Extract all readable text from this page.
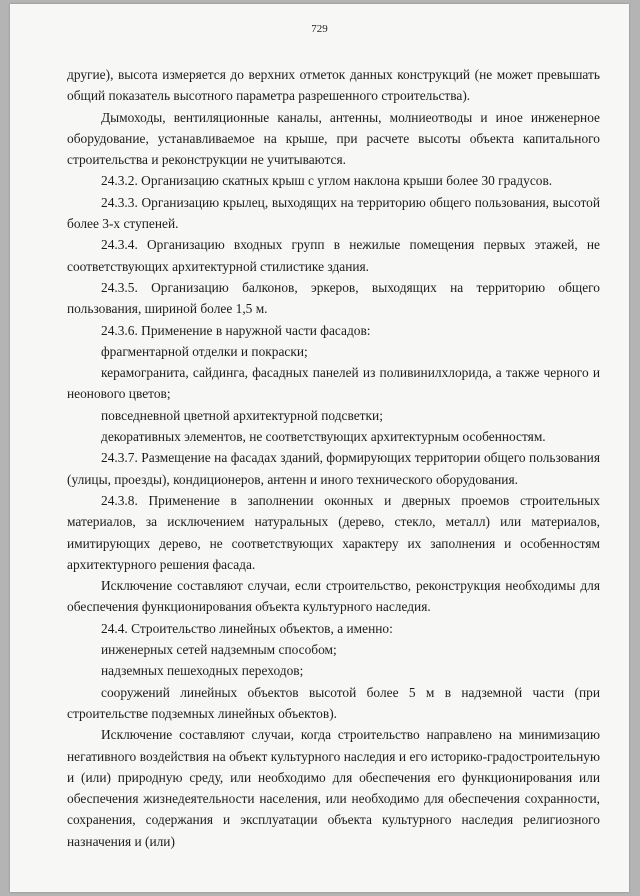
729

другие), высота измеряется до верхних отметок данных конструкций (не может превышать общий показатель высотного параметра разрешенного строительства).

Дымоходы, вентиляционные каналы, антенны, молниеотводы и иное инженерное оборудование, устанавливаемое на крыше, при расчете высоты объекта капитального строительства и реконструкции не учитываются.

24.3.2. Организацию скатных крыш с углом наклона крыши более 30 градусов.

24.3.3. Организацию крылец, выходящих на территорию общего пользования, высотой более 3-х ступеней.

24.3.4. Организацию входных групп в нежилые помещения первых этажей, не соответствующих архитектурной стилистике здания.

24.3.5. Организацию балконов, эркеров, выходящих на территорию общего пользования, шириной более 1,5 м.

24.3.6. Применение в наружной части фасадов:

фрагментарной отделки и покраски;

керамогранита, сайдинга, фасадных панелей из поливинилхлорида, а также черного и неонового цветов;

повседневной цветной архитектурной подсветки;

декоративных элементов, не соответствующих архитектурным особенностям.

24.3.7. Размещение на фасадах зданий, формирующих территории общего пользования (улицы, проезды), кондиционеров, антенн и иного технического оборудования.

24.3.8. Применение в заполнении оконных и дверных проемов строительных материалов, за исключением натуральных (дерево, стекло, металл) или материалов, имитирующих дерево, не соответствующих характеру их заполнения и особенностям архитектурного решения фасада.

Исключение составляют случаи, если строительство, реконструкция необходимы для обеспечения функционирования объекта культурного наследия.

24.4. Строительство линейных объектов, а именно:

инженерных сетей надземным способом;

надземных пешеходных переходов;

сооружений линейных объектов высотой более 5 м в надземной части (при строительстве подземных линейных объектов).

Исключение составляют случаи, когда строительство направлено на минимизацию негативного воздействия на объект культурного наследия и его историко-градостроительную и (или) природную среду, или необходимо для обеспечения его функционирования или обеспечения жизнедеятельности населения, или необходимо для обеспечения сохранности, сохранения, содержания и эксплуатации объекта культурного наследия религиозного назначения и (или)
